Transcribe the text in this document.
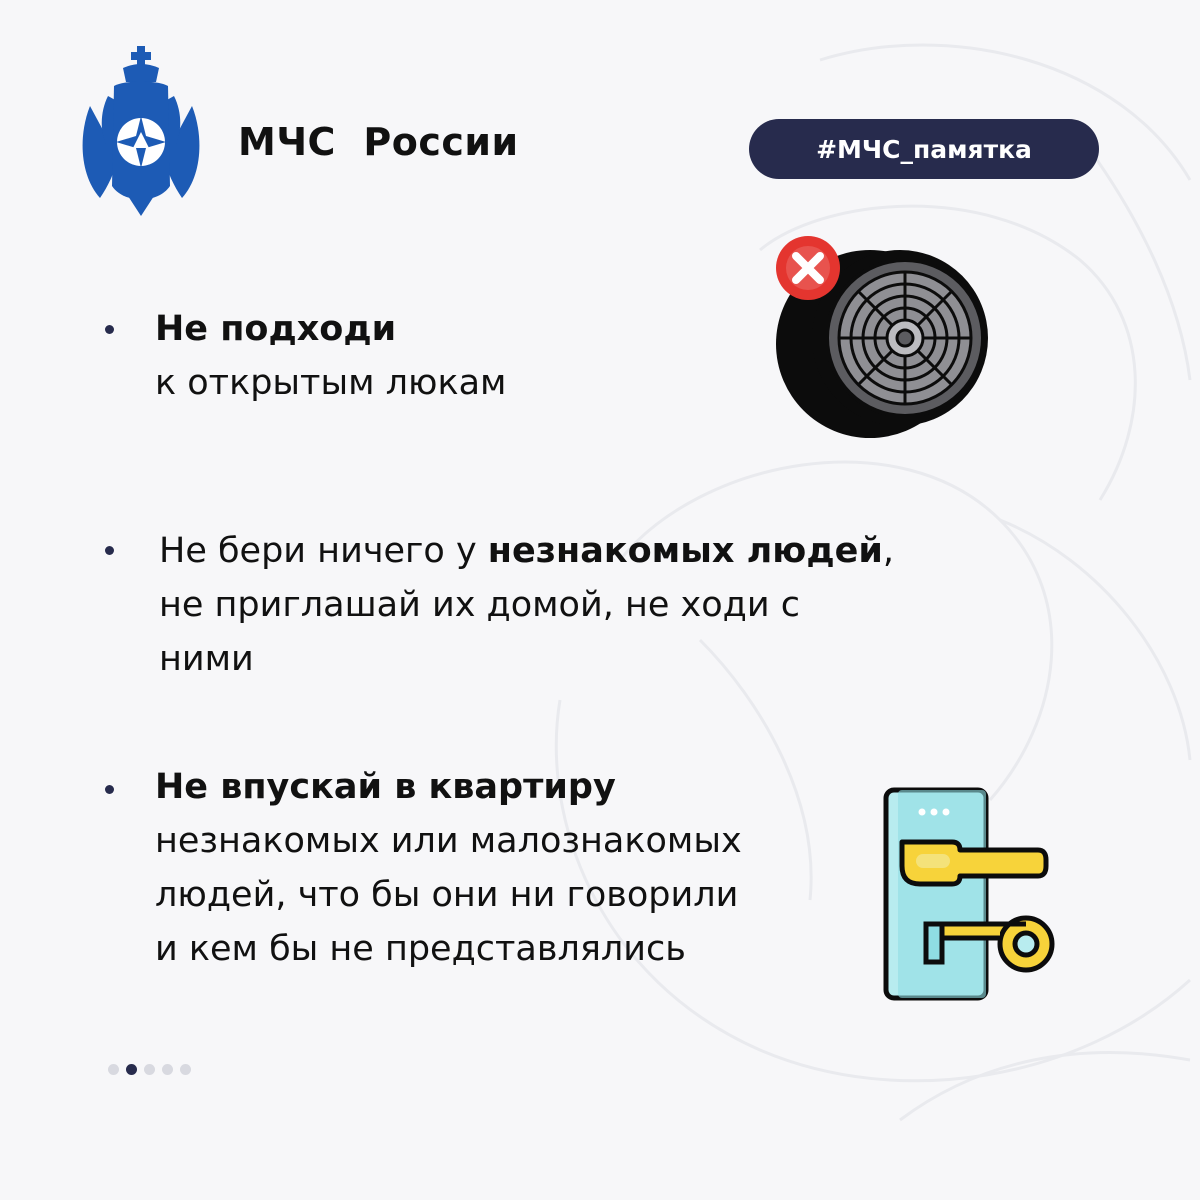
МЧС  России	#МЧС_памятка
Не подходи
к открытым люкам
Не бери ничего у незнакомых людей,
не приглашай их домой, не ходи с
ними
Не впускай в квартиру
незнакомых или малознакомых
людей, что бы они ни говорили
и кем бы не представлялись
